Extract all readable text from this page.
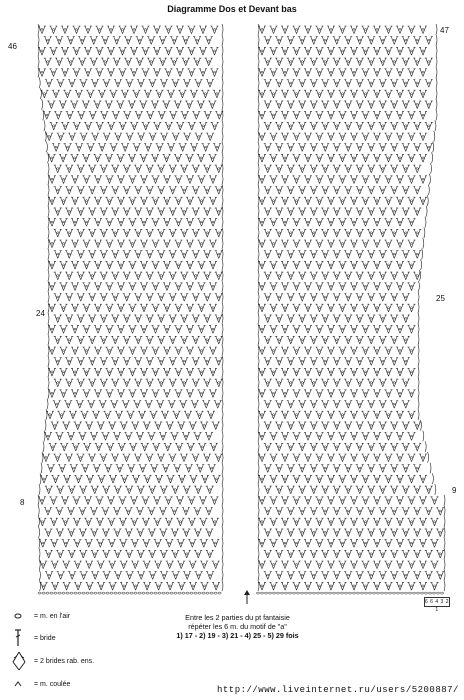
Diagramme Dos et Devant bas
46
47
24
25
8
9
6 6 4 3 2 1
Entre les 2 parties du pt fantaisie
répéter les 6 m. du motif de "a"
1) 17 - 2) 19 - 3) 21 - 4) 25 - 5) 29 fois
= m. en l'air
= bride
= 2 brides rab. ens.
= m. coulée
http://www.liveinternet.ru/users/5200887/
